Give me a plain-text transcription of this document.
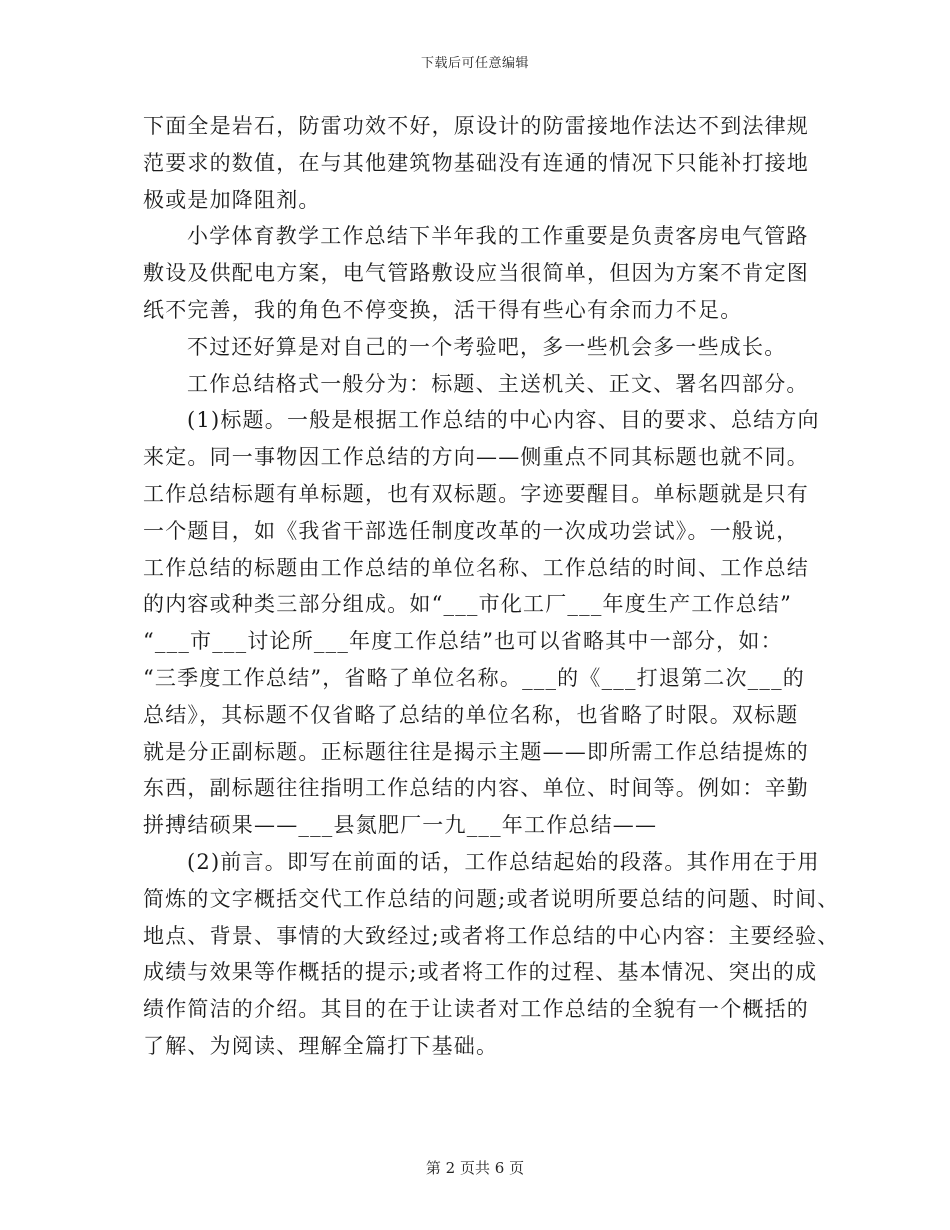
下载后可任意编辑
下面全是岩石，防雷功效不好，原设计的防雷接地作法达不到法律规
范要求的数值，在与其他建筑物基础没有连通的情况下只能补打接地
极或是加降阻剂。
小学体育教学工作总结下半年我的工作重要是负责客房电气管路
敷设及供配电方案，电气管路敷设应当很简单，但因为方案不肯定图
纸不完善，我的角色不停变换，活干得有些心有余而力不足。
不过还好算是对自己的一个考验吧，多一些机会多一些成长。
工作总结格式一般分为：标题、主送机关、正文、署名四部分。
(1)标题。一般是根据工作总结的中心内容、目的要求、总结方向
来定。同一事物因工作总结的方向——侧重点不同其标题也就不同。
工作总结标题有单标题，也有双标题。字迹要醒目。单标题就是只有
一个题目，如《我省干部选任制度改革的一次成功尝试》。一般说，
工作总结的标题由工作总结的单位名称、工作总结的时间、工作总结
的内容或种类三部分组成。如“___市化工厂___年度生产工作总结”
“___市___讨论所___年度工作总结”也可以省略其中一部分，如：
“三季度工作总结”，省略了单位名称。___的《___打退第二次___的
总结》，其标题不仅省略了总结的单位名称，也省略了时限。双标题
就是分正副标题。正标题往往是揭示主题——即所需工作总结提炼的
东西，副标题往往指明工作总结的内容、单位、时间等。例如：辛勤
拼搏结硕果——___县氮肥厂一九___年工作总结——
(2)前言。即写在前面的话，工作总结起始的段落。其作用在于用
简炼的文字概括交代工作总结的问题;或者说明所要总结的问题、时间、
地点、背景、事情的大致经过;或者将工作总结的中心内容：主要经验、
成绩与效果等作概括的提示;或者将工作的过程、基本情况、突出的成
绩作简洁的介绍。其目的在于让读者对工作总结的全貌有一个概括的
了解、为阅读、理解全篇打下基础。
第 2 页共 6 页
